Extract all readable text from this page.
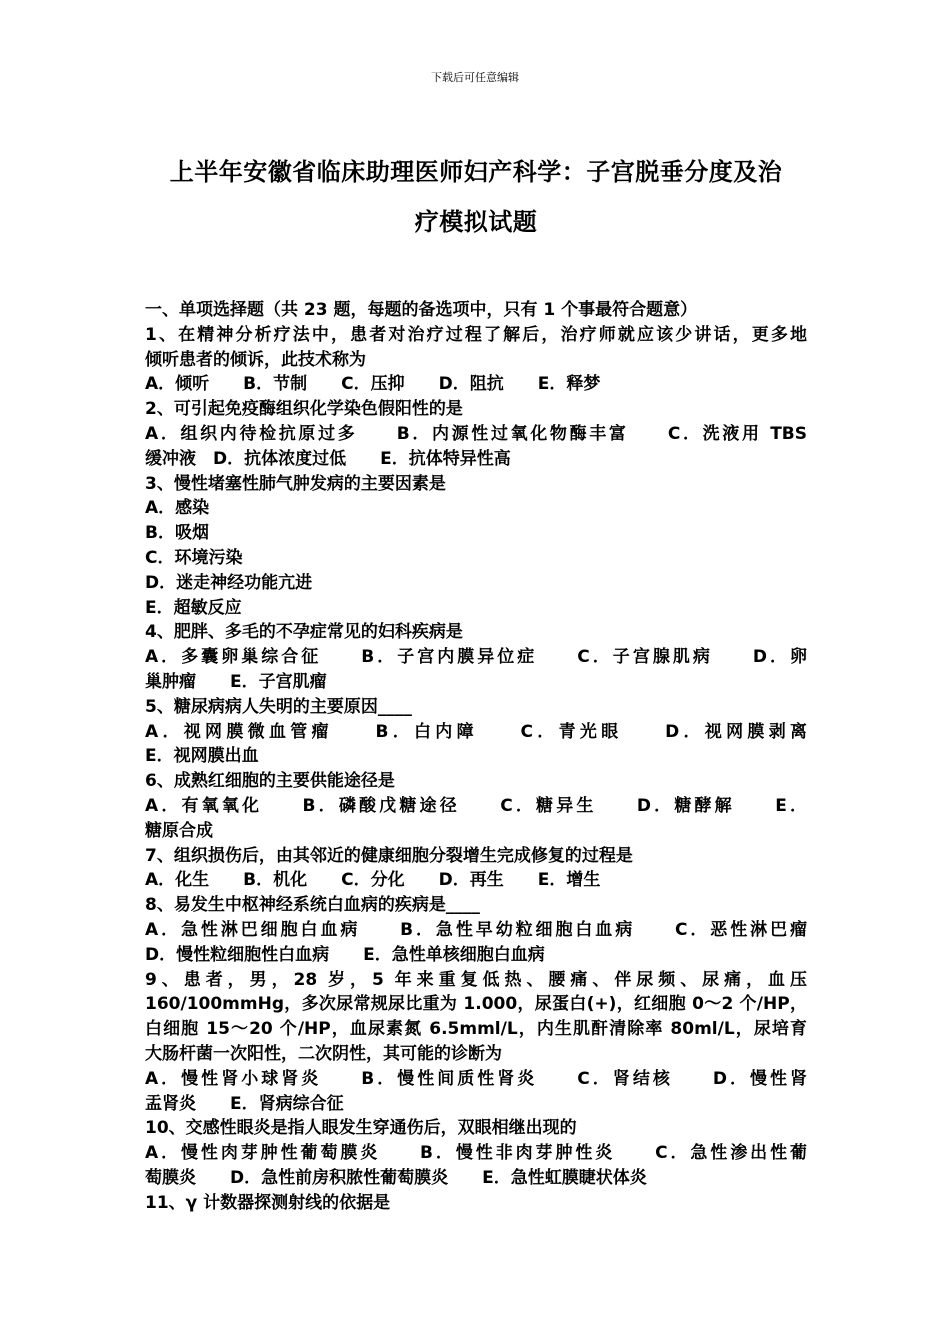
下载后可任意编辑
上半年安徽省临床助理医师妇产科学：子宫脱垂分度及治
疗模拟试题
一、单项选择题（共 23 题，每题的备选项中，只有 1 个事最符合题意）
1、在精神分析疗法中，患者对治疗过程了解后，治疗师就应该少讲话，更多地
倾听患者的倾诉，此技术称为
A．倾听　　B．节制　　C．压抑　　D．阻抗　　E．释梦
2、可引起免疫酶组织化学染色假阳性的是
A．组织内待检抗原过多　　B．内源性过氧化物酶丰富　　C．洗液用 TBS
缓冲液　D．抗体浓度过低　　E．抗体特异性高
3、慢性堵塞性肺气肿发病的主要因素是
A．感染
B．吸烟
C．环境污染
D．迷走神经功能亢进
E．超敏反应
4、肥胖、多毛的不孕症常见的妇科疾病是
A．多囊卵巢综合征　　B．子宫内膜异位症　　C．子宫腺肌病　　D．卵
巢肿瘤　　E．子宫肌瘤
5、糖尿病病人失明的主要原因____
A．视网膜微血管瘤　　B．白内障　　C．青光眼　　D．视网膜剥离
E．视网膜出血
6、成熟红细胞的主要供能途径是
A．有氧氧化　　B．磷酸戊糖途径　　C．糖异生　　D．糖酵解　　E．
糖原合成
7、组织损伤后，由其邻近的健康细胞分裂增生完成修复的过程是
A．化生　　B．机化　　C．分化　　D．再生　　E．增生
8、易发生中枢神经系统白血病的疾病是____
A．急性淋巴细胞白血病　　B．急性早幼粒细胞白血病　　C．恶性淋巴瘤
D．慢性粒细胞性白血病　　E．急性单核细胞白血病
9、患者，男，28 岁，5 年来重复低热、腰痛、伴尿频、尿痛，血压
160/100mmHg，多次尿常规尿比重为 1.000，尿蛋白(+)，红细胞 0～2 个/HP，
白细胞 15～20 个/HP，血尿素氮 6.5mml/L，内生肌酐清除率 80ml/L，尿培育
大肠杆菌一次阳性，二次阴性，其可能的诊断为
A．慢性肾小球肾炎　　B．慢性间质性肾炎　　C．肾结核　　D．慢性肾
盂肾炎　　E．肾病综合征
10、交感性眼炎是指人眼发生穿通伤后，双眼相继出现的
A．慢性肉芽肿性葡萄膜炎　　B．慢性非肉芽肿性炎　　C．急性渗出性葡
萄膜炎　　D．急性前房积脓性葡萄膜炎　　E．急性虹膜睫状体炎
11、γ 计数器探测射线的依据是
